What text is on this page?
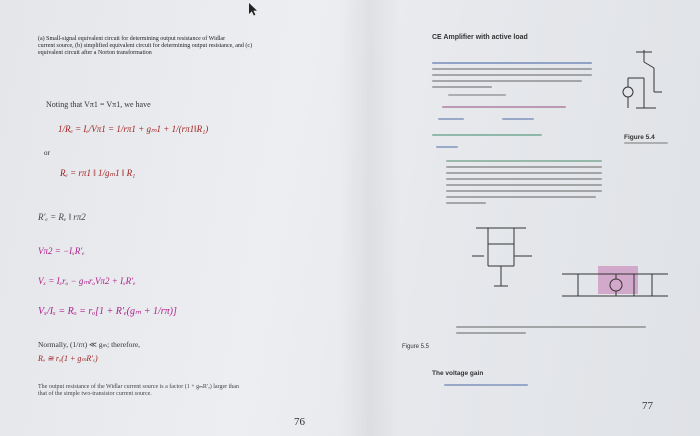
(a) Small-signal equivalent circuit for determining output resistance of Widlar
current source, (b) simplified equivalent circuit for determining output resistance, and (c)
equivalent circuit after a Norton transformation
Noting that Vπ1 = Vπ1, we have
1/Rₑ = Iₑ/Vπ1 = 1/rπ1 + gₘ1 + 1/(rπ1‖R₁)
or
Rₑ = rπ1 ‖ 1/gₘ1 ‖ R₁
R′ₑ = Rₑ ‖ rπ2
Vπ2 = −IₓR′ₑ
Vₓ = Iₓrₒ − gₘrₒVπ2 + IₓR′ₑ
Vₓ/Iₓ = Rₒ = rₒ[1 + R′ₑ(gₘ + 1/rπ)]
Normally, (1/rπ) ≪ gₘ; therefore,
Rₒ ≅ rₒ(1 + gₘR′ₑ)
The output resistance of the Widlar current source is a factor (1 + gₘR′ₑ) larger than
that of the simple two-transistor current source.
76
CE Amplifier with active load
Figure 5.4
Figure 5.5
The voltage gain
77
